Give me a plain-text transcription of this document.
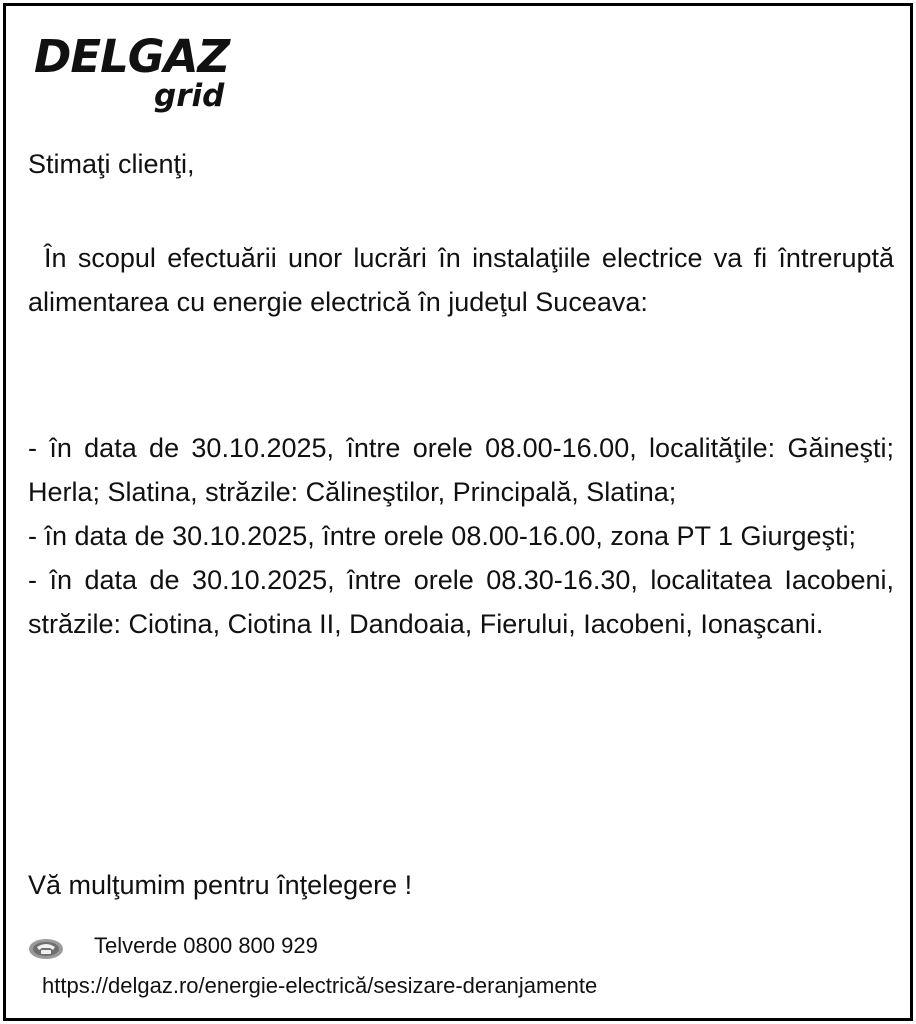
DELGAZ
grid
Stimaţi clienţi,
În scopul efectuării unor lucrări în instalaţiile electrice va fi întreruptă alimentarea cu energie electrică în judeţul Suceava:
- în data de 30.10.2025, între orele 08.00-16.00, localităţile: Găineşti; Herla; Slatina, străzile: Călineştilor, Principală, Slatina;
- în data de 30.10.2025, între orele 08.00-16.00, zona PT 1 Giurgeşti;
- în data de 30.10.2025, între orele 08.30-16.30, localitatea Iacobeni, străzile: Ciotina, Ciotina II, Dandoaia, Fierului, Iacobeni, Ionaşcani.
Vă mulţumim pentru înţelegere !
Telverde 0800 800 929
https://delgaz.ro/energie-electrică/sesizare-deranjamente
